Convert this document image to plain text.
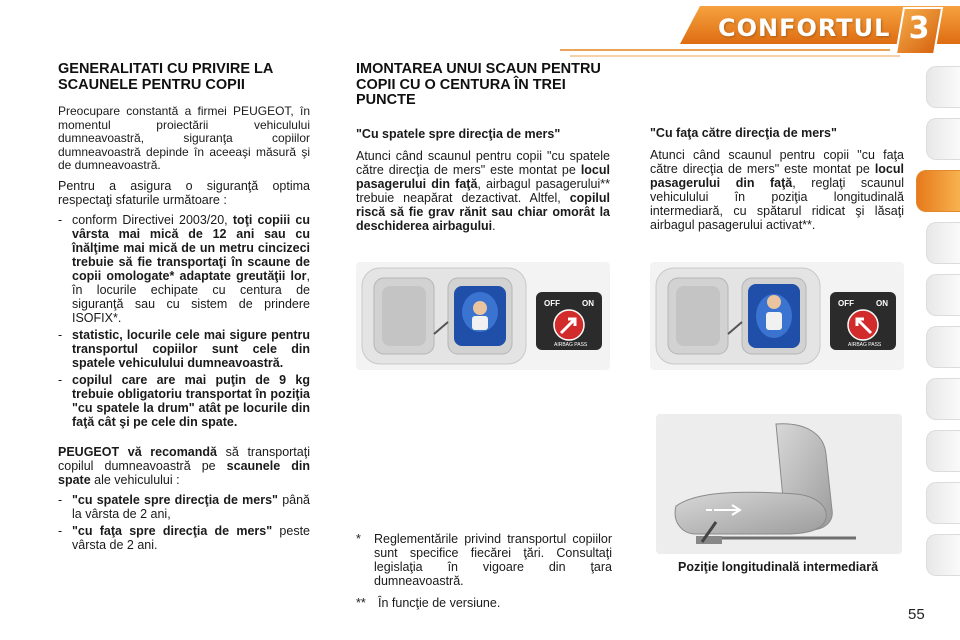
CONFORTUL 3
GENERALITATI CU PRIVIRE LA SCAUNELE PENTRU COPII

Preocupare constantă a firmei PEUGEOT, în momentul proiectării vehiculului dumneavoastră, siguranţa copiilor dumneavoastră depinde în aceeaşi măsură şi de dumneavoastră.

Pentru a asigura o siguranţă optima respectaţi sfaturile următoare :

- conform Directivei 2003/20, toţi copiii cu vârsta mai mică de 12 ani sau cu înălţime mai mică de un metru cincizeci trebuie să fie transportaţi în scaune de copii omologate* adaptate greutăţii lor, în locurile echipate cu centura de siguranţă sau cu sistem de prindere ISOFIX*.
- statistic, locurile cele mai sigure pentru transportul copiilor sunt cele din spatele vehiculului dumneavoastră.
- copilul care are mai puţin de 9 kg trebuie obligatoriu transportat în poziţia "cu spatele la drum" atât pe locurile din faţă cât şi pe cele din spate.

PEUGEOT vă recomandă să transportaţi copilul dumneavoastră pe scaunele din spate ale vehiculului :

- "cu spatele spre direcţia de mers" până la vârsta de 2 ani,
- "cu faţa spre direcţia de mers" peste vârsta de 2 ani.
IMONTAREA UNUI SCAUN PENTRU COPII CU O CENTURA ÎN TREI PUNCTE
"Cu spatele spre direcţia de mers"

Atunci când scaunul pentru copii "cu spatele către direcţia de mers" este montat pe locul pasagerului din faţă, airbagul pasagerului** trebuie neapărat dezactivat. Altfel, copilul riscă să fie grav rănit sau chiar omorât la deschiderea airbagului.

"Cu faţa către direcţia de mers"

Atunci când scaunul pentru copii "cu faţa către direcţia de mers" este montat pe locul pasagerului din faţă, reglaţi scaunul vehiculului în poziţia longitudinală intermediară, cu spătarul ridicat şi lăsaţi airbagul pasagerului activat**.

OFF	ON
AIRBAG PASS
OFF	ON
AIRBAG PASS
Poziţie longitudinală intermediară
* Reglementările privind transportul copiilor sunt specifice fiecărei ţări. Consultaţi legislaţia în vigoare din ţara dumneavoastră.
** În funcţie de versiune.
55
